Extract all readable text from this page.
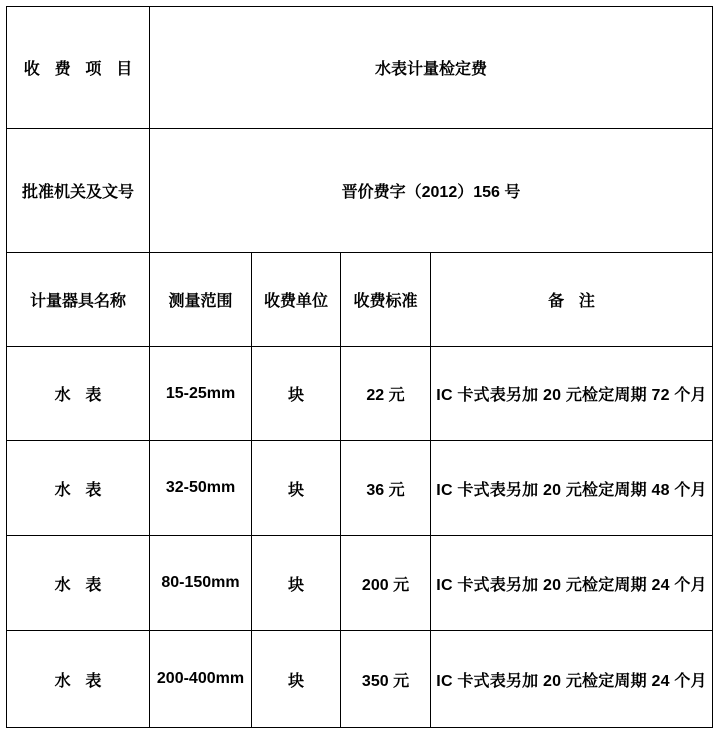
收 费 项 目	水表计量检定费			
批准机关及文号	晋价费字（2012）156 号			
计量器具名称	测量范围	收费单位	收费标准	备 注
水 表	15-25mm	块	22 元	IC 卡式表另加 20 元检定周期 72 个月
水 表	32-50mm	块	36 元	IC 卡式表另加 20 元检定周期 48 个月
水 表	80-150mm	块	200 元	IC 卡式表另加 20 元检定周期 24 个月
水 表	200-400mm	块	350 元	IC 卡式表另加 20 元检定周期 24 个月
